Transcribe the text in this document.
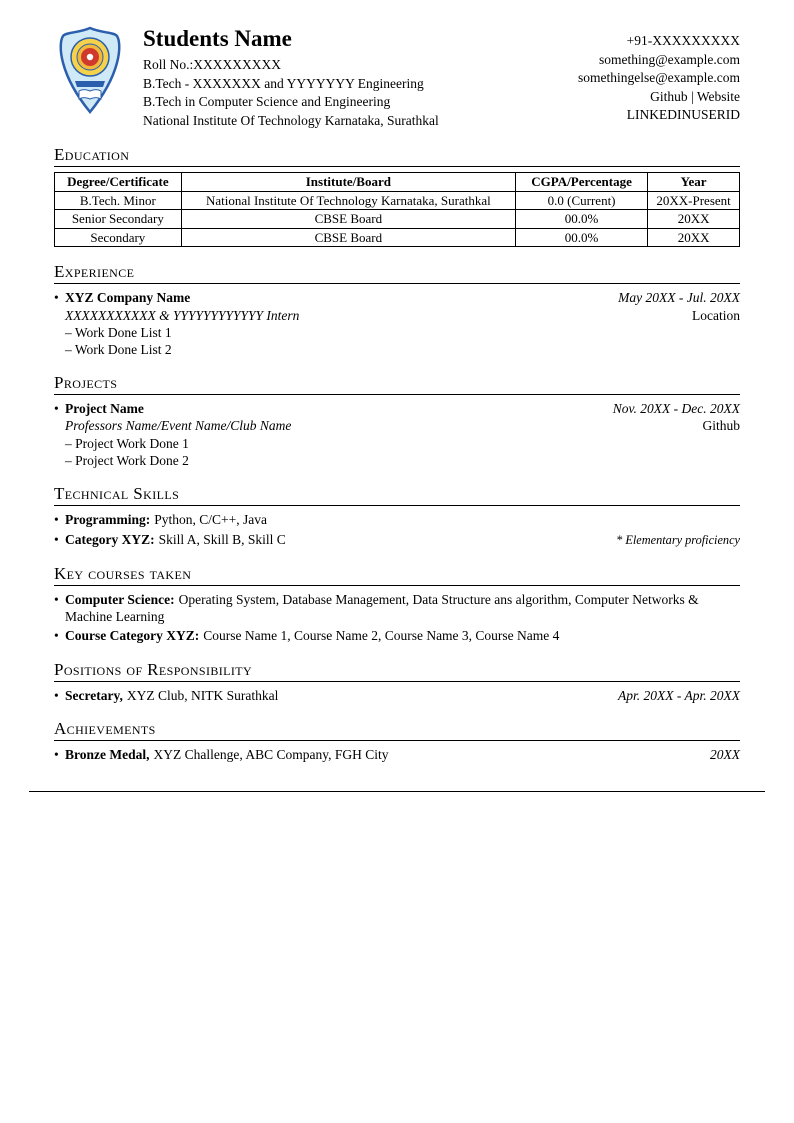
Students Name
Roll No.:XXXXXXXXX
B.Tech - XXXXXXX and YYYYYYY Engineering
B.Tech in Computer Science and Engineering
National Institute Of Technology Karnataka, Surathkal
+91-XXXXXXXXX
something@example.com
somethingelse@example.com
Github | Website
LINKEDINUSERID
Education
Degree/Certificate	Institute/Board	CGPA/Percentage	Year
B.Tech. Minor	National Institute Of Technology Karnataka, Surathkal	0.0 (Current)	20XX-Present
Senior Secondary	CBSE Board	00.0%	20XX
Secondary	CBSE Board	00.0%	20XX
Experience
• XYZ Company Name	May 20XX - Jul. 20XX
XXXXXXXXXXX & YYYYYYYYYYYY Intern	Location
– Work Done List 1
– Work Done List 2
Projects
• Project Name	Nov. 20XX - Dec. 20XX
Professors Name/Event Name/Club Name	Github
– Project Work Done 1
– Project Work Done 2
Technical Skills
• Programming: Python, C/C++, Java
• Category XYZ: Skill A, Skill B, Skill C	* Elementary proficiency
Key courses taken
• Computer Science: Operating System, Database Management, Data Structure ans algorithm, Computer Networks & Machine Learning
• Course Category XYZ: Course Name 1, Course Name 2, Course Name 3, Course Name 4
Positions of Responsibility
• Secretary, XYZ Club, NITK Surathkal	Apr. 20XX - Apr. 20XX
Achievements
• Bronze Medal, XYZ Challenge, ABC Company, FGH City	20XX
